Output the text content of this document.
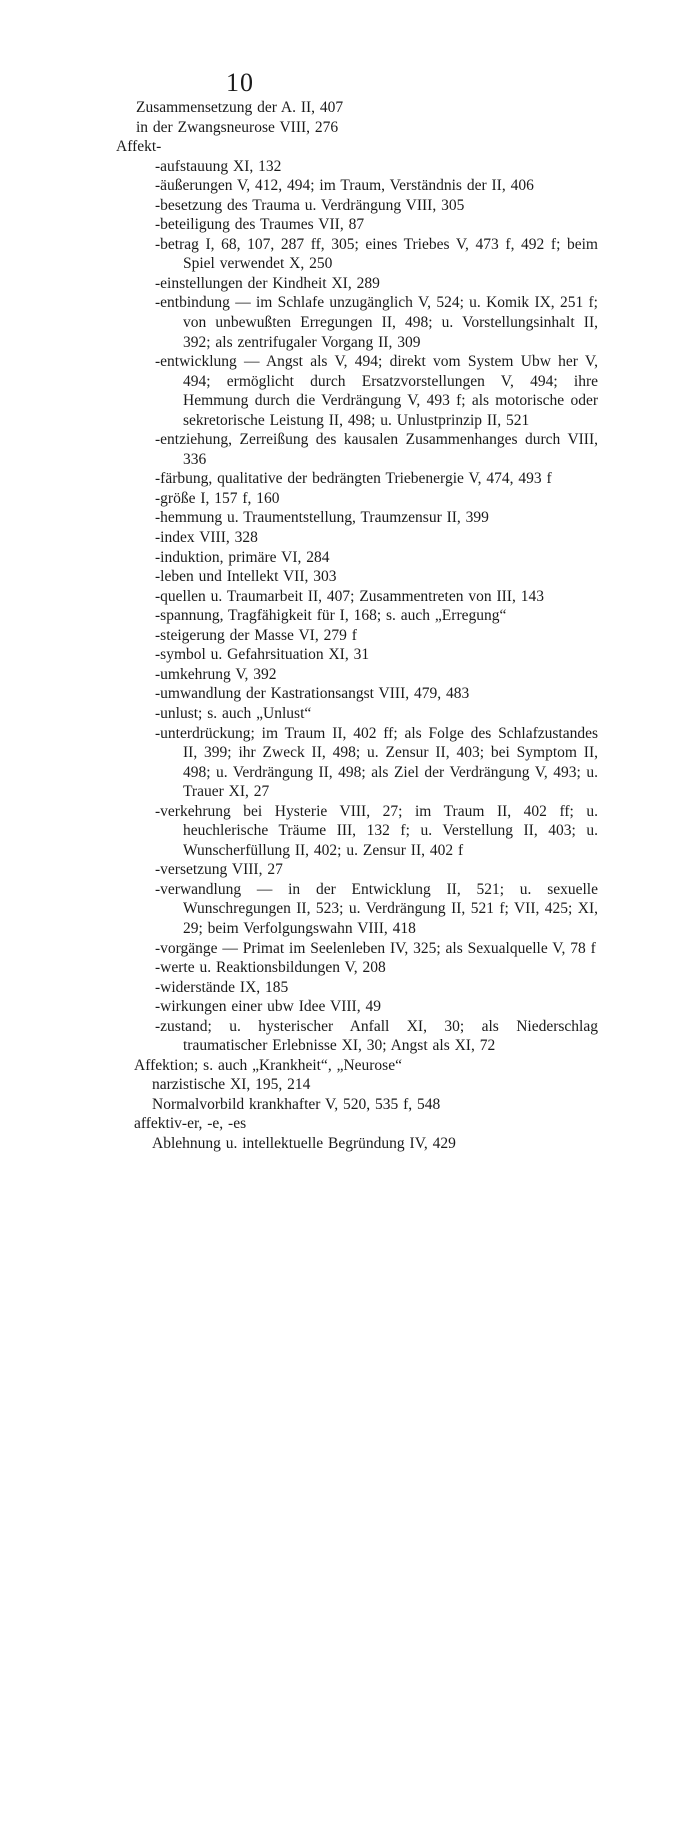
10

Zusammensetzung der A. II, 407

in der Zwangsneurose VIII, 276

Affekt-

-aufstauung XI, 132

-äußerungen V, 412, 494; im Traum, Verständnis der II, 406

-besetzung des Trauma u. Verdrängung VIII, 305

-beteiligung des Traumes VII, 87

-betrag I, 68, 107, 287 ff, 305; eines Triebes V, 473 f, 492 f; beim Spiel verwendet X, 250

-einstellungen der Kindheit XI, 289

-entbindung — im Schlafe unzugänglich V, 524; u. Komik IX, 251 f; von unbewußten Erregungen II, 498; u. Vorstellungsinhalt II, 392; als zentrifugaler Vorgang II, 309

-entwicklung — Angst als V, 494; direkt vom System Ubw her V, 494; ermöglicht durch Ersatzvorstellungen V, 494; ihre Hemmung durch die Verdrängung V, 493 f; als motorische oder sekretorische Leistung II, 498; u. Unlustprinzip II, 521

-entziehung, Zerreißung des kausalen Zusammenhanges durch VIII, 336

-färbung, qualitative der bedrängten Triebenergie V, 474, 493 f

-größe I, 157 f, 160

-hemmung u. Traumentstellung, Traumzensur II, 399

-index VIII, 328

-induktion, primäre VI, 284

-leben und Intellekt VII, 303

-quellen u. Traumarbeit II, 407; Zusammentreten von III, 143

-spannung, Tragfähigkeit für I, 168; s. auch „Erregung“

-steigerung der Masse VI, 279 f

-symbol u. Gefahrsituation XI, 31

-umkehrung V, 392

-umwandlung der Kastrationsangst VIII, 479, 483

-unlust; s. auch „Unlust“

-unterdrückung; im Traum II, 402 ff; als Folge des Schlafzustandes II, 399; ihr Zweck II, 498; u. Zensur II, 403; bei Symptom II, 498; u. Verdrängung II, 498; als Ziel der Verdrängung V, 493; u. Trauer XI, 27

-verkehrung bei Hysterie VIII, 27; im Traum II, 402 ff; u. heuchlerische Träume III, 132 f; u. Verstellung II, 403; u. Wunscherfüllung II, 402; u. Zensur II, 402 f

-versetzung VIII, 27

-verwandlung — in der Entwicklung II, 521; u. sexuelle Wunschregungen II, 523; u. Verdrängung II, 521 f; VII, 425; XI, 29; beim Verfolgungswahn VIII, 418

-vorgänge — Primat im Seelenleben IV, 325; als Sexualquelle V, 78 f

-werte u. Reaktionsbildungen V, 208

-widerstände IX, 185

-wirkungen einer ubw Idee VIII, 49

-zustand; u. hysterischer Anfall XI, 30; als Niederschlag traumatischer Erlebnisse XI, 30; Angst als XI, 72

Affektion; s. auch „Krankheit“, „Neurose“

narzistische XI, 195, 214

Normalvorbild krankhafter V, 520, 535 f, 548

affektiv-er, -e, -es

Ablehnung u. intellektuelle Begründung IV, 429
